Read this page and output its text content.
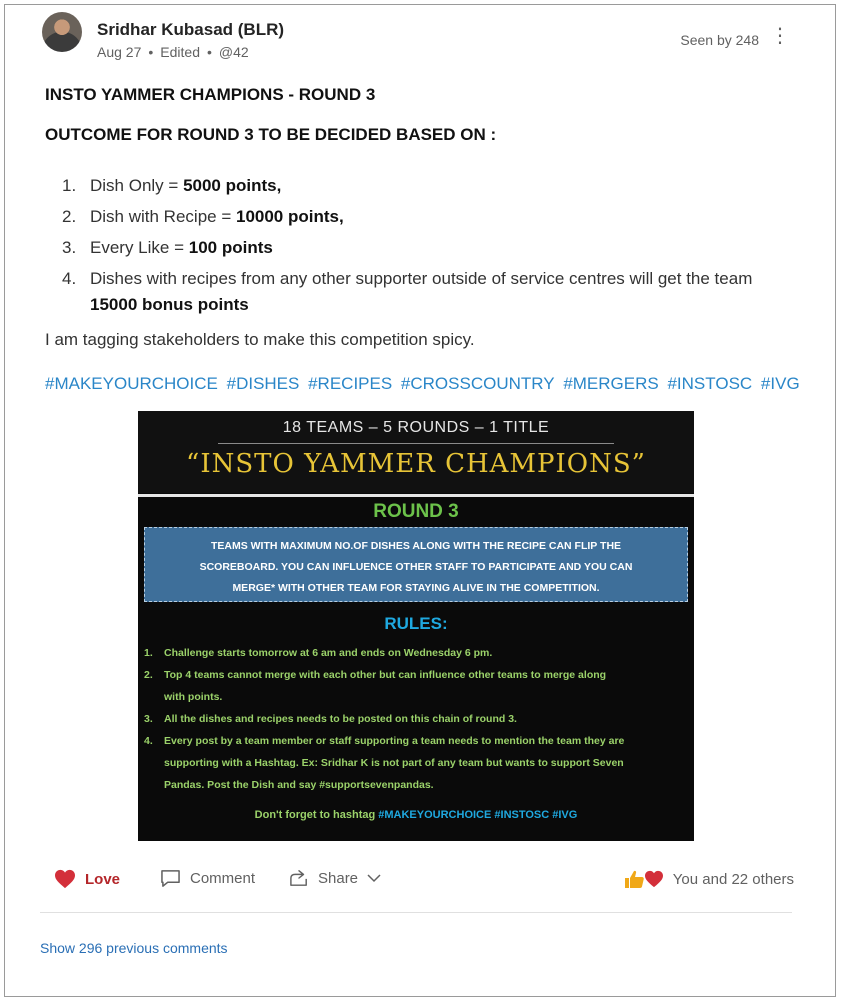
Sridhar Kubasad (BLR)
Aug 27 • Edited • @42
Seen by 248 ⋮
INSTO YAMMER CHAMPIONS - ROUND 3
OUTCOME FOR ROUND 3 TO BE DECIDED BASED ON :
1. Dish Only = 5000 points,
2. Dish with Recipe = 10000 points,
3. Every Like = 100 points
4. Dishes with recipes from any other supporter outside of service centres will get the team 15000 bonus points
I am tagging stakeholders to make this competition spicy.
#MAKEYOURCHOICE #DISHES #RECIPES #CROSSCOUNTRY #MERGERS #INSTOSC #IVG
18 TEAMS – 5 ROUNDS – 1 TITLE
“INSTO YAMMER CHAMPIONS”
ROUND 3

TEAMS WITH MAXIMUM NO.OF DISHES ALONG WITH THE RECIPE CAN FLIP THE

SCOREBOARD. YOU CAN INFLUENCE OTHER STAFF TO PARTICIPATE AND YOU CAN

MERGE* WITH OTHER TEAM FOR STAYING ALIVE IN THE COMPETITION.

RULES:
1. Challenge starts tomorrow at 6 am and ends on Wednesday 6 pm.
2. Top 4 teams cannot merge with each other but can influence other teams to merge along
with points.
3. All the dishes and recipes needs to be posted on this chain of round 3.
4. Every post by a team member or staff supporting a team needs to mention the team they are
supporting with a Hashtag. Ex: Sridhar K is not part of any team but wants to support Seven
Pandas. Post the Dish and say #supportsevenpandas.
Don't forget to hashtag #MAKEYOURCHOICE #INSTOSC #IVG
Love	Comment	Share	You and 22 others
Show 296 previous comments
